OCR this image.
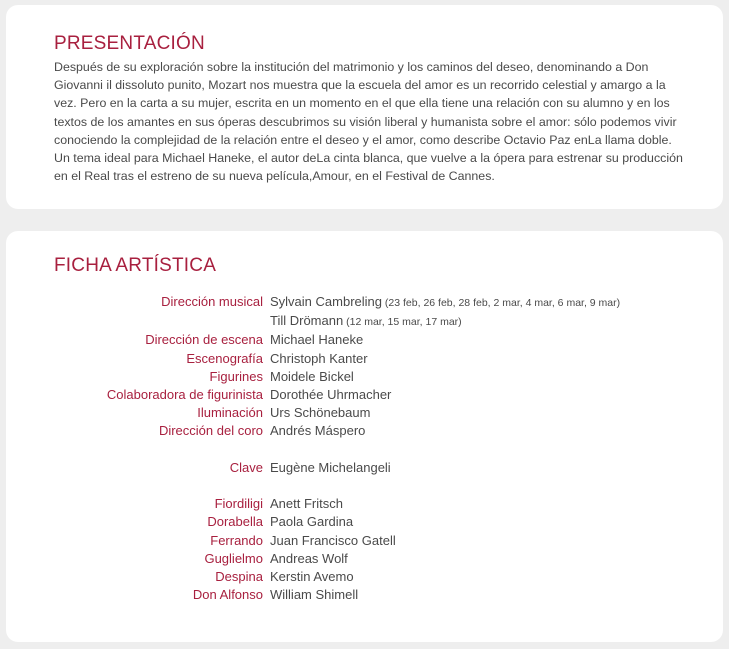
PRESENTACIÓN

Después de su exploración sobre la institución del matrimonio y los caminos del deseo, denominando a Don Giovanni il dissoluto punito, Mozart nos muestra que la escuela del amor es un recorrido celestial y amargo a la vez. Pero en la carta a su mujer, escrita en un momento en el que ella tiene una relación con su alumno y en los textos de los amantes en sus óperas descubrimos su visión liberal y humanista sobre el amor: sólo podemos vivir conociendo la complejidad de la relación entre el deseo y el amor, como describe Octavio Paz enLa llama doble. Un tema ideal para Michael Haneke, el autor deLa cinta blanca, que vuelve a la ópera para estrenar su producción en el Real tras el estreno de su nueva película,Amour, en el Festival de Cannes.

FICHA ARTÍSTICA
Dirección musical Sylvain Cambreling (23 feb, 26 feb, 28 feb, 2 mar, 4 mar, 6 mar, 9 mar)
Till Drömann (12 mar, 15 mar, 17 mar)
Dirección de escena Michael Haneke
Escenografía Christoph Kanter
Figurines Moidele Bickel
Colaboradora de figurinista Dorothée Uhrmacher
Iluminación Urs Schönebaum
Dirección del coro Andrés Máspero
Clave Eugène Michelangeli
Fiordiligi Anett Fritsch
Dorabella Paola Gardina
Ferrando Juan Francisco Gatell
Guglielmo Andreas Wolf
Despina Kerstin Avemo
Don Alfonso William Shimell
